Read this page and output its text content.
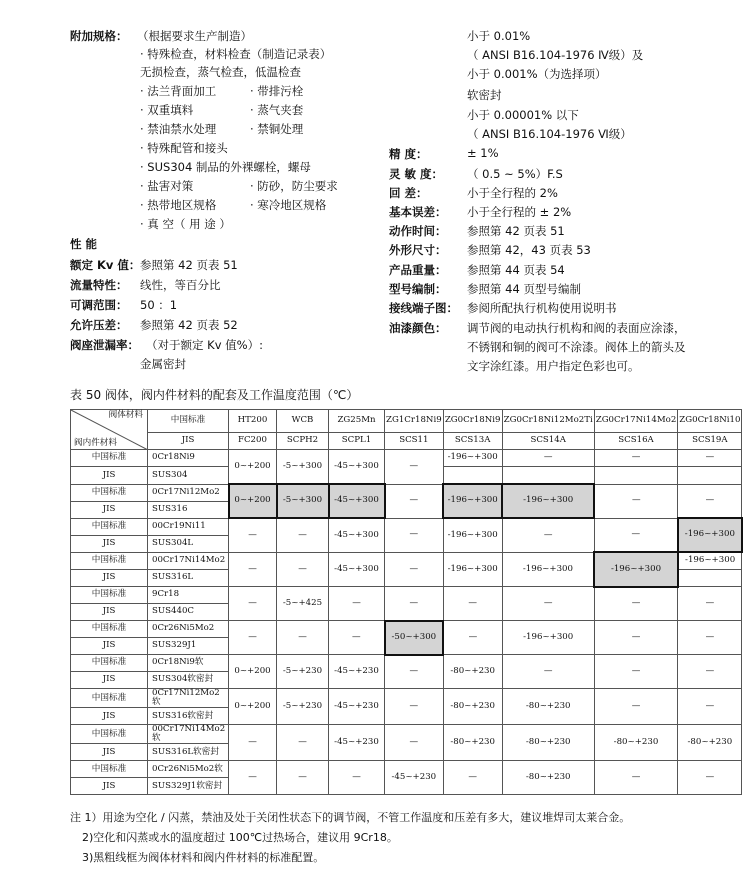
附加规格： （根据要求生产制造）
· 特殊检查，材料检查（制造记录表）
无损检查，蒸气检查，低温检查
· 法兰背面加工	· 带排污栓
· 双重填料	· 蒸气夹套
· 禁油禁水处理	· 禁铜处理
· 特殊配管和接头
· SUS304 制品的外裸螺栓，螺母
· 盐害对策	· 防砂，防尘要求
· 热带地区规格	· 寒冷地区规格
· 真 空（ 用 途 ）
性 能
额定 Kv 值： 参照第 42 页表 51
流量特性： 线性，等百分比
可调范围： 50 ：1
允许压差： 参照第 42 页表 52
阀座泄漏率： （对于额定 Kv 值%）:
金属密封
小于 0.01%
（ ANSI B16.104-1976 Ⅳ级）及
小于 0.001%（为选择项）
软密封
小于 0.00001% 以下
（ ANSI B16.104-1976 Ⅵ级）
精 度：	± 1%
灵 敏 度： （ 0.5 ~ 5%）F.S
回 差：	小于全行程的 2%
基本误差： 小于全行程的 ± 2%
动作时间： 参照第 42 页表 51
外形尺寸： 参照第 42，43 页表 53
产品重量： 参照第 44 页表 54
型号编制： 参照第 44 页型号编制
接线端子图： 参阅所配执行机构使用说明书
油漆颜色： 调节阀的电动执行机构和阀的表面应涂漆，
不锈钢和铜的阀可不涂漆。阀体上的箭头及
文字涂红漆。用户指定色彩也可。
表 50 阀体，阀内件材料的配套及工作温度范围（℃）
阀体材料
阀内件材料	中国标准	HT200	WCB	ZG25Mn	ZG1Cr18Ni9	ZG0Cr18Ni9	ZG0Cr18Ni12Mo2Ti	ZG0Cr17Ni14Mo2	ZG0Cr18Ni10
	JIS	FC200	SCPH2	SCPL1	SCS11	SCS13A	SCS14A	SCS16A	SCS19A
中国标准	0Cr18Ni9	0~+200	-5~+300	-45~+300	—	-196~+300	—	—	—
JIS	SUS304								
中国标准	0Cr17Ni12Mo2	0~+200	-5~+300	-45~+300	—	-196~+300	-196~+300	—	—
JIS	SUS316								
中国标准	00Cr19Ni11	—	—	-45~+300	—	-196~+300	—	—	-196~+300
JIS	SUS304L								
中国标准	00Cr17Ni14Mo2	—	—	-45~+300	—	-196~+300	-196~+300	-196~+300	-196~+300
JIS	SUS316L								
中国标准	9Cr18	—	-5~+425	—	—	—	—	—	—
JIS	SUS440C								
中国标准	0Cr26Ni5Mo2	—	—	—	-50~+300	—	-196~+300	—	—
JIS	SUS329J1								
中国标准	0Cr18Ni9软	0~+200	-5~+230	-45~+230	—	-80~+230	—	—	—
JIS	SUS304软密封								
中国标准	0Cr17Ni12Mo2软	0~+200	-5~+230	-45~+230	—	-80~+230	-80~+230	—	—
JIS	SUS316软密封								
中国标准	00Cr17Ni14Mo2软	—	—	-45~+230	—	-80~+230	-80~+230	-80~+230	-80~+230
JIS	SUS316L软密封								
中国标准	0Cr26Ni5Mo2软	—	—	—	-45~+230	—	-80~+230	—	—
JIS	SUS329J1软密封								
注 1）用途为空化 / 闪蒸，禁油及处于关闭性状态下的调节阀，不管工作温度和压差有多大，建议堆焊司太莱合金。
2)空化和闪蒸或水的温度超过 100℃过热场合，建议用 9Cr18。
3)黑粗线框为阀体材料和阀内件材料的标准配置。
